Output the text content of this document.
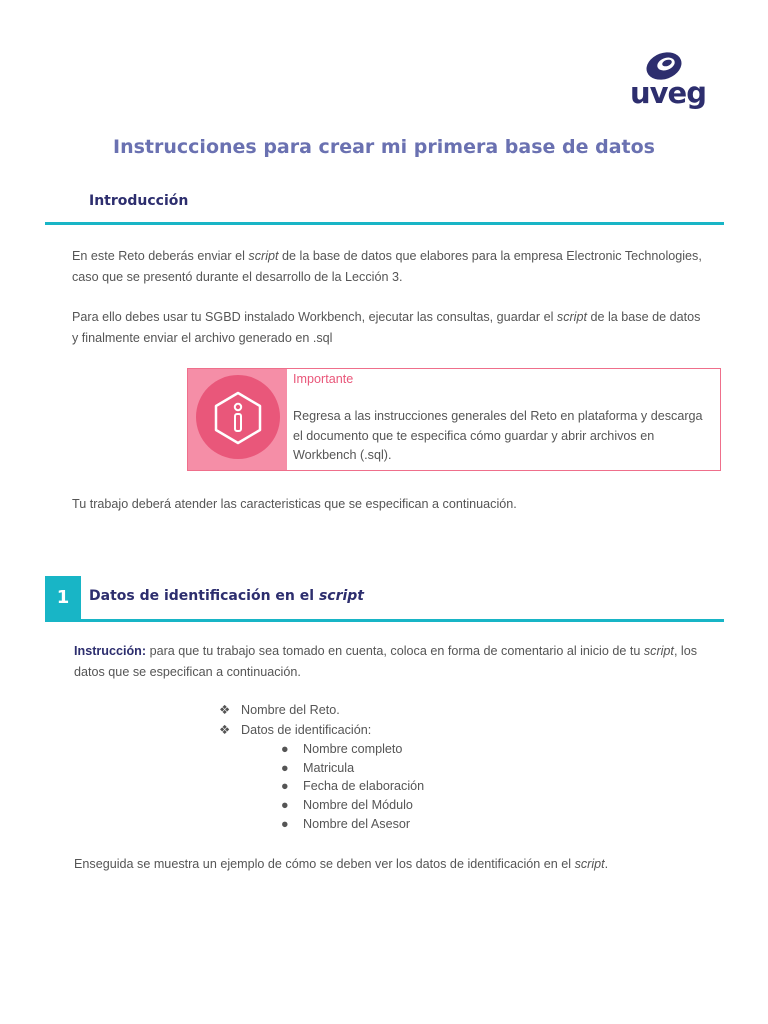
uveg
Instrucciones para crear mi primera base de datos
Introducción
En este Reto deberás enviar el script de la base de datos que elabores para la empresa Electronic Technologies, caso que se presentó durante el desarrollo de la Lección 3.
Para ello debes usar tu SGBD instalado Workbench, ejecutar las consultas, guardar el script de la base de datos y finalmente enviar el archivo generado en .sql
Importante
Regresa a las instrucciones generales del Reto en plataforma y descarga el documento que te especifica cómo guardar y abrir archivos en Workbench (.sql).
Tu trabajo deberá atender las caracteristicas que se especifican a continuación.
1	Datos de identificación en el script
Instrucción: para que tu trabajo sea tomado en cuenta, coloca en forma de comentario al inicio de tu script, los datos que se especifican a continuación.
❖ Nombre del Reto.
❖ Datos de identificación:
● Nombre completo
● Matricula
● Fecha de elaboración
● Nombre del Módulo
● Nombre del Asesor
Enseguida se muestra un ejemplo de cómo se deben ver los datos de identificación en el script.
